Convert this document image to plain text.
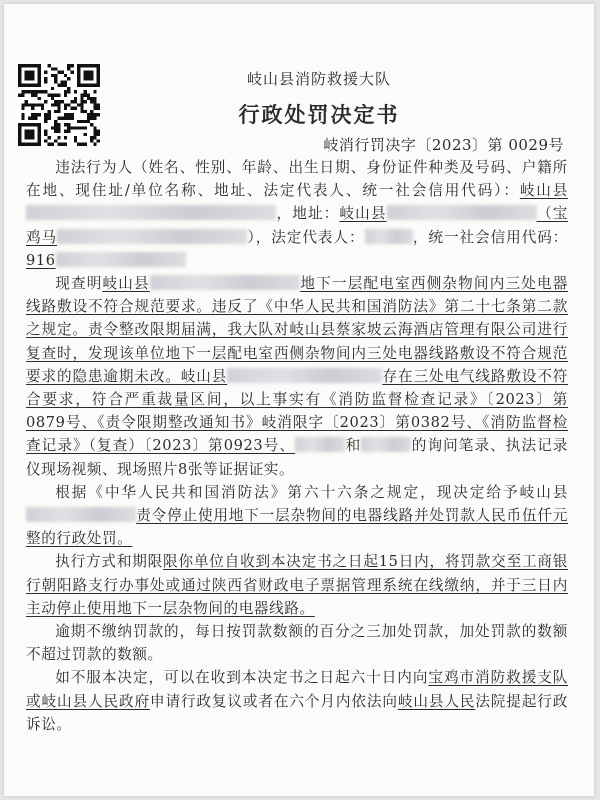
岐山县消防救援大队
行政处罚决定书
岐消行罚决字〔2023〕第 0029号

违法行为人（姓名、性别、年龄、出生日期、身份证件种类及号码、户籍所在地、现住址/单位名称、地址、法定代表人、统一社会信用代码）：岐山县，地址：岐山县	（宝鸡马	），法定代表人：	，统一社会信用代码：916

现查明岐山县	地下一层配电室西侧杂物间内三处电器线路敷设不符合规范要求。违反了《中华人民共和国消防法》第二十七条第二款之规定。责令整改限期届满，我大队对岐山县蔡家坡云海酒店管理有限公司进行复查时，发现该单位地下一层配电室西侧杂物间内三处电器线路敷设不符合规范要求的隐患逾期未改。岐山县	存在三处电气线路敷设不符合要求，符合严重裁量区间，以上事实有《消防监督检查记录》〔2023〕第0879号、《责令限期整改通知书》岐消限字〔2023〕第0382号、《消防监督检查记录》（复查）〔2023〕第0923号、	和	的询问笔录、执法记录仪现场视频、现场照片8张等证据证实。

根据《中华人民共和国消防法》第六十六条之规定，现决定给予岐山县责令停止使用地下一层杂物间的电器线路并处罚款人民币伍仟元整的行政处罚。

执行方式和期限限你单位自收到本决定书之日起15日内，将罚款交至工商银行朝阳路支行办事处或通过陕西省财政电子票据管理系统在线缴纳，并于三日内主动停止使用地下一层杂物间的电器线路。

逾期不缴纳罚款的，每日按罚款数额的百分之三加处罚款，加处罚款的数额不超过罚款的数额。

如不服本决定，可以在收到本决定书之日起六十日内向宝鸡市消防救援支队或岐山县人民政府申请行政复议或者在六个月内依法向岐山县人民法院提起行政诉讼。
